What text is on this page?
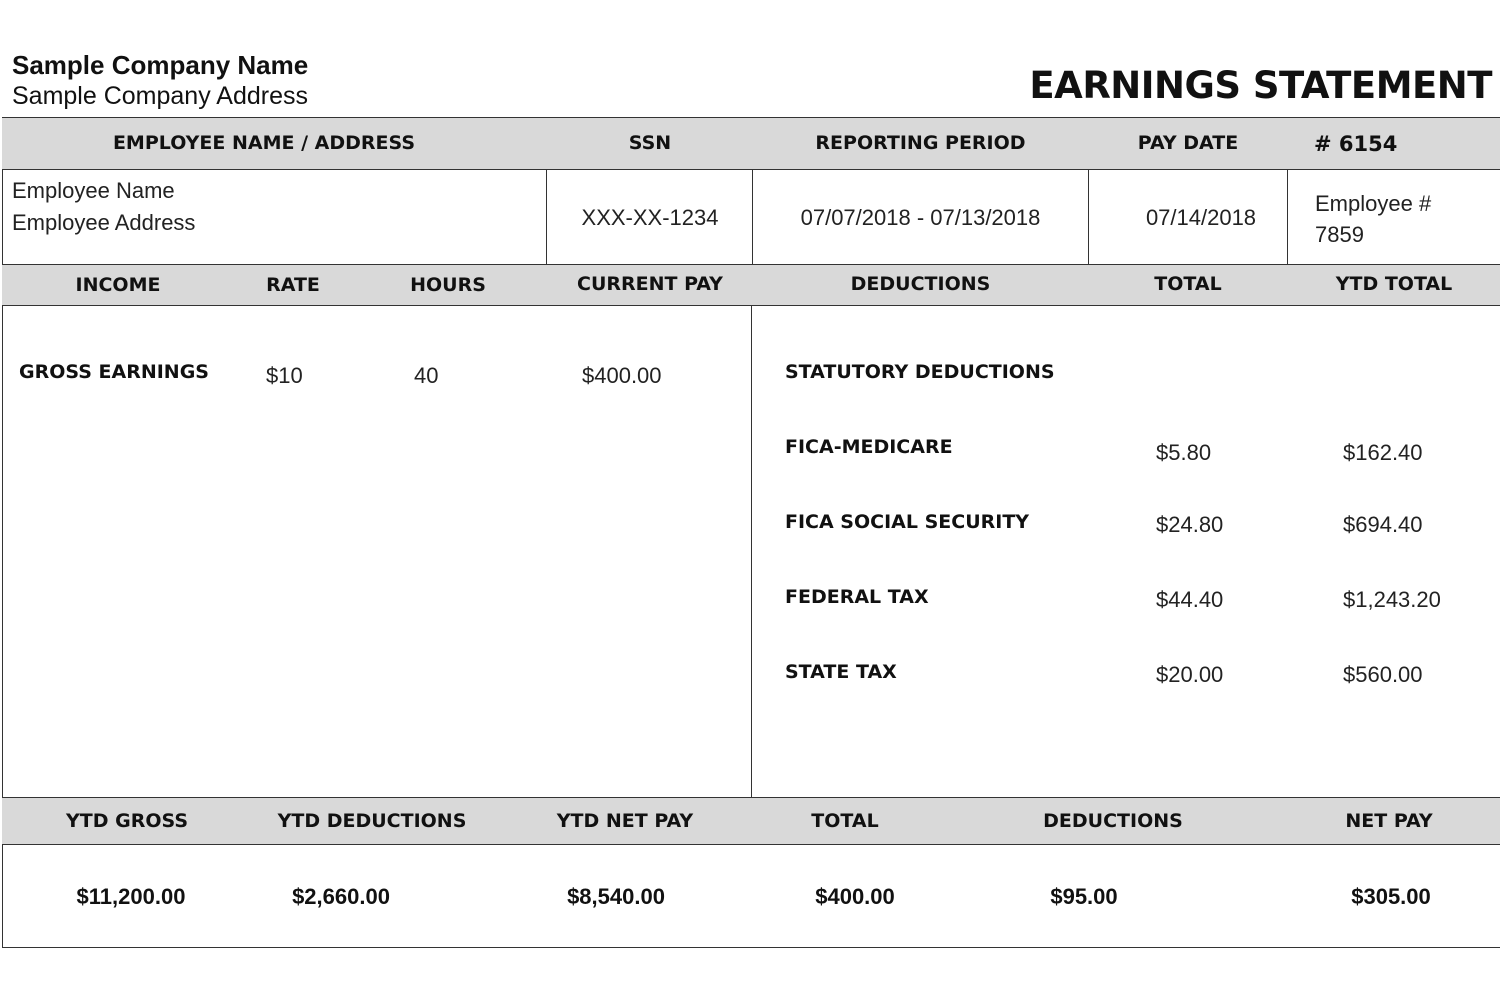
Sample Company Name
Sample Company Address	EARNINGS STATEMENT
EMPLOYEE NAME / ADDRESS	SSN	REPORTING PERIOD	PAY DATE	# 6154
Employee Name
Employee Address	XXX-XX-1234	07/07/2018 - 07/13/2018	07/14/2018
Employee #
7859
INCOME	RATE	HOURS	CURRENT PAY	DEDUCTIONS	TOTAL	YTD TOTAL
GROSS EARNINGS	$10	40	$400.00	STATUTORY DEDUCTIONS
FICA-MEDICARE	$5.80	$162.40
FICA SOCIAL SECURITY	$24.80	$694.40
FEDERAL TAX	$44.40	$1,243.20
STATE TAX	$20.00	$560.00
YTD GROSS	YTD DEDUCTIONS	YTD NET PAY	TOTAL	DEDUCTIONS	NET PAY
$11,200.00	$2,660.00	$8,540.00	$400.00	$95.00	$305.00
